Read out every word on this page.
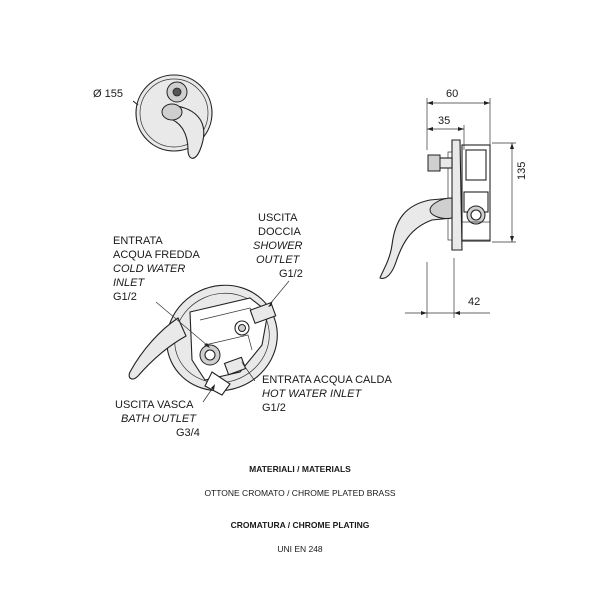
Ø 155	60
35
135
42
USCITA
DOCCIA
SHOWER
OUTLET
G1/2
ENTRATA
ACQUA FREDDA
COLD WATER
INLET
G1/2
ENTRATA ACQUA CALDA
HOT WATER INLET
G1/2
USCITA VASCA
BATH OUTLET
G3/4
MATERIALI / MATERIALS
OTTONE CROMATO / CHROME PLATED BRASS
CROMATURA / CHROME PLATING
UNI EN 248
